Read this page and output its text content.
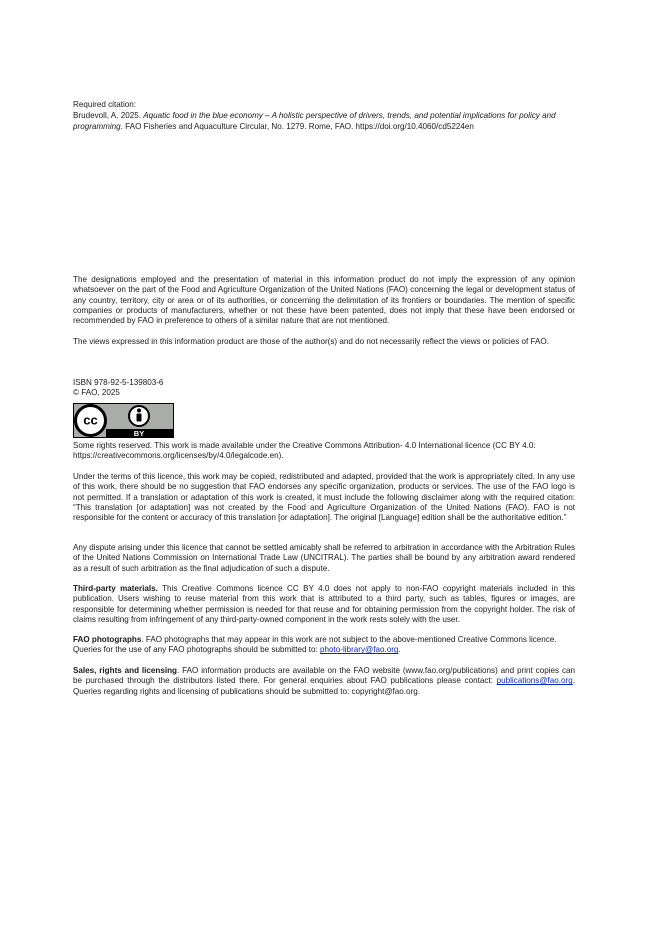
Required citation:

Brudevoll, A. 2025. Aquatic food in the blue economy – A holistic perspective of drivers, trends, and potential implications for policy and programming. FAO Fisheries and Aquaculture Circular, No. 1279. Rome, FAO. https://doi.org/10.4060/cd5224en

The designations employed and the presentation of material in this information product do not imply the expression of any opinion whatsoever on the part of the Food and Agriculture Organization of the United Nations (FAO) concerning the legal or development status of any country, territory, city or area or of its authorities, or concerning the delimitation of its frontiers or boundaries. The mention of specific companies or products of manufacturers, whether or not these have been patented, does not imply that these have been endorsed or recommended by FAO in preference to others of a similar nature that are not mentioned.

The views expressed in this information product are those of the author(s) and do not necessarily reflect the views or policies of FAO.

ISBN 978-92-5-139803-6

© FAO, 2025

cc
BY

Some rights reserved. This work is made available under the Creative Commons Attribution- 4.0 International licence (CC BY 4.0: https://creativecommons.org/licenses/by/4.0/legalcode.en).

Under the terms of this licence, this work may be copied, redistributed and adapted, provided that the work is appropriately cited. In any use of this work, there should be no suggestion that FAO endorses any specific organization, products or services. The use of the FAO logo is not permitted. If a translation or adaptation of this work is created, it must include the following disclaimer along with the required citation: “This translation [or adaptation] was not created by the Food and Agriculture Organization of the United Nations (FAO). FAO is not responsible for the content or accuracy of this translation [or adaptation]. The original [Language] edition shall be the authoritative edition.”

Any dispute arising under this licence that cannot be settled amicably shall be referred to arbitration in accordance with the Arbitration Rules of the United Nations Commission on International Trade Law (UNCITRAL). The parties shall be bound by any arbitration award rendered as a result of such arbitration as the final adjudication of such a dispute.

Third-party materials. This Creative Commons licence CC BY 4.0 does not apply to non-FAO copyright materials included in this publication. Users wishing to reuse material from this work that is attributed to a third party, such as tables, figures or images, are responsible for determining whether permission is needed for that reuse and for obtaining permission from the copyright holder. The risk of claims resulting from infringement of any third-party-owned component in the work rests solely with the user.

FAO photographs. FAO photographs that may appear in this work are not subject to the above-mentioned Creative Commons licence. Queries for the use of any FAO photographs should be submitted to: photo-library@fao.org.

Sales, rights and licensing. FAO information products are available on the FAO website (www.fao.org/publications) and print copies can be purchased through the distributors listed there. For general enquiries about FAO publications please contact: publications@fao.org. Queries regarding rights and licensing of publications should be submitted to: copyright@fao.org.
